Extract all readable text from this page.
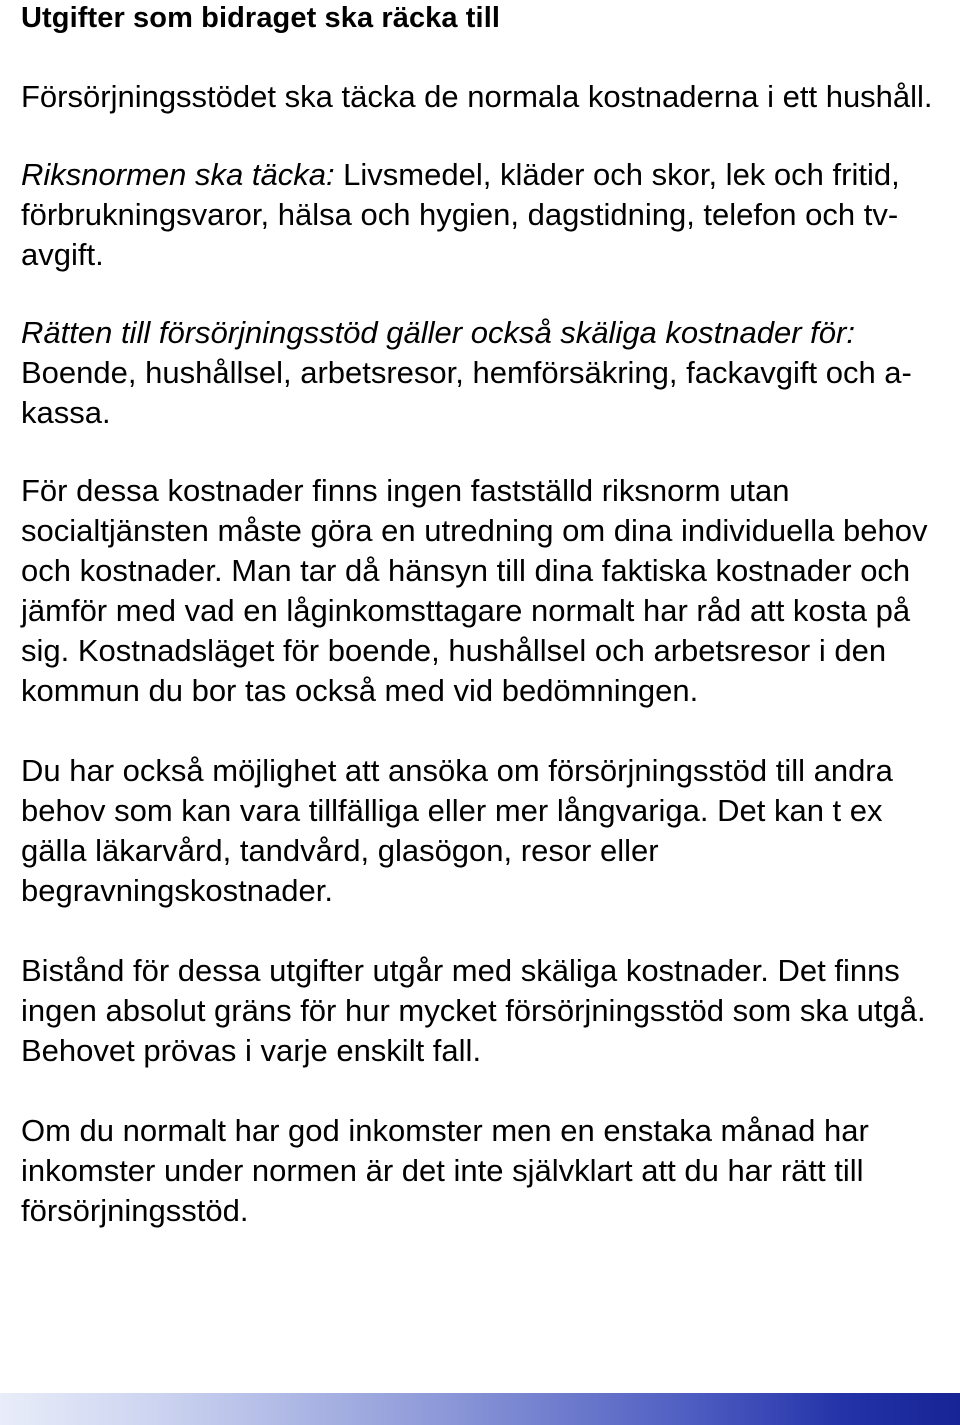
Utgifter som bidraget ska räcka till

Försörjningsstödet ska täcka de normala kostnaderna i ett hushåll.

Riksnormen ska täcka: Livsmedel, kläder och skor, lek och fritid, förbrukningsvaror, hälsa och hygien, dagstidning, telefon och tv-avgift.

Rätten till försörjningsstöd gäller också skäliga kostnader för: Boende, hushållsel, arbetsresor, hemförsäkring, fackavgift och a-kassa.

För dessa kostnader finns ingen fastställd riksnorm utan socialtjänsten måste göra en utredning om dina individuella behov och kostnader. Man tar då hänsyn till dina faktiska kostnader och jämför med vad en låginkomsttagare normalt har råd att kosta på sig. Kostnadsläget för boende, hushållsel och arbetsresor i den kommun du bor tas också med vid bedömningen.

Du har också möjlighet att ansöka om försörjningsstöd till andra behov som kan vara tillfälliga eller mer långvariga. Det kan t ex gälla läkarvård, tandvård, glasögon, resor eller begravningskostnader.

Bistånd för dessa utgifter utgår med skäliga kostnader. Det finns ingen absolut gräns för hur mycket försörjningsstöd som ska utgå. Behovet prövas i varje enskilt fall.

Om du normalt har god inkomster men en enstaka månad har inkomster under normen är det inte självklart att du har rätt till försörjningsstöd.
